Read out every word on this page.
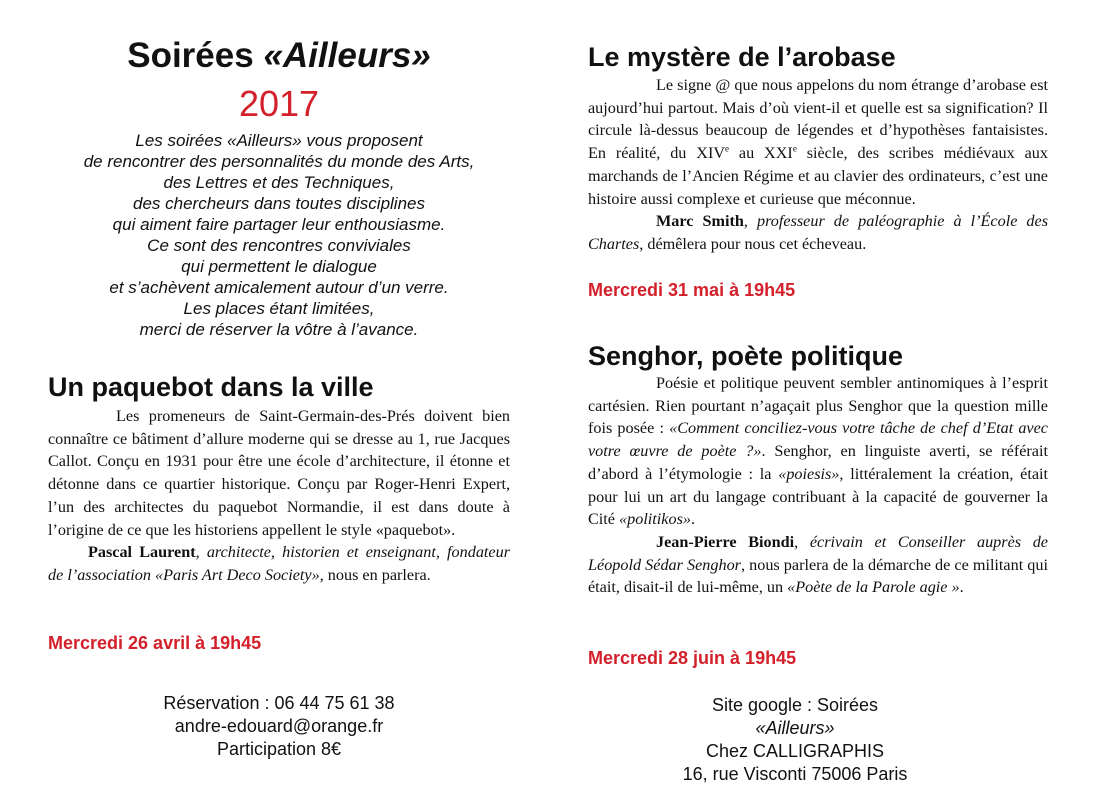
Soirées «Ailleurs»
2017
Les soirées «Ailleurs» vous proposent
de rencontrer des personnalités du monde des Arts,
des Lettres et des Techniques,
des chercheurs dans toutes disciplines
qui aiment faire partager leur enthousiasme.
Ce sont des rencontres conviviales
qui permettent le dialogue
et s’achèvent amicalement autour d’un verre.
Les places étant limitées,
merci de réserver la vôtre à l’avance.
Un paquebot dans la ville

Les promeneurs de Saint-Germain-des-Prés doivent bien connaître ce bâtiment d’allure moderne qui se dresse au 1, rue Jacques Callot. Conçu en 1931 pour être une école d’architecture, il étonne et détonne dans ce quartier historique. Conçu par Roger-Henri Expert, l’un des architectes du paquebot Normandie, il est dans doute à l’origine de ce que les historiens appellent le style «paquebot».

Pascal Laurent, architecte, historien et enseignant, fondateur de l’association «Paris Art Deco Society», nous en parlera.

Mercredi 26 avril à 19h45
Réservation : 06 44 75 61 38
andre-edouard@orange.fr
Participation 8€
Le mystère de l’arobase

Le signe @ que nous appelons du nom étrange d’arobase est aujourd’hui partout. Mais d’où vient-il et quelle est sa signification? Il circule là-dessus beaucoup de légendes et d’hypothèses fantaisistes. En réalité, du XIVe au XXIe siècle, des scribes médiévaux aux marchands de l’Ancien Régime et au clavier des ordinateurs, c’est une histoire aussi complexe et curieuse que méconnue.

Marc Smith, professeur de paléographie à l’École des Chartes, démêlera pour nous cet écheveau.

Mercredi 31 mai à 19h45
Senghor, poète politique

Poésie et politique peuvent sembler antinomiques à l’esprit cartésien. Rien pourtant n’agaçait plus Senghor que la question mille fois posée : «Comment conciliez-vous votre tâche de chef d’Etat avec votre œuvre de poète ?». Senghor, en linguiste averti, se référait d’abord à l’étymologie : la «poiesis», littéralement la création, était pour lui un art du langage contribuant à la capacité de gouverner la Cité «politikos».

Jean-Pierre Biondi, écrivain et Conseiller auprès de Léopold Sédar Senghor, nous parlera de la démarche de ce militant qui était, disait-il de lui-même, un «Poète de la Parole agie ».

Mercredi 28 juin à 19h45
Site google : Soirées
«Ailleurs»
Chez CALLIGRAPHIS
16, rue Visconti 75006 Paris
